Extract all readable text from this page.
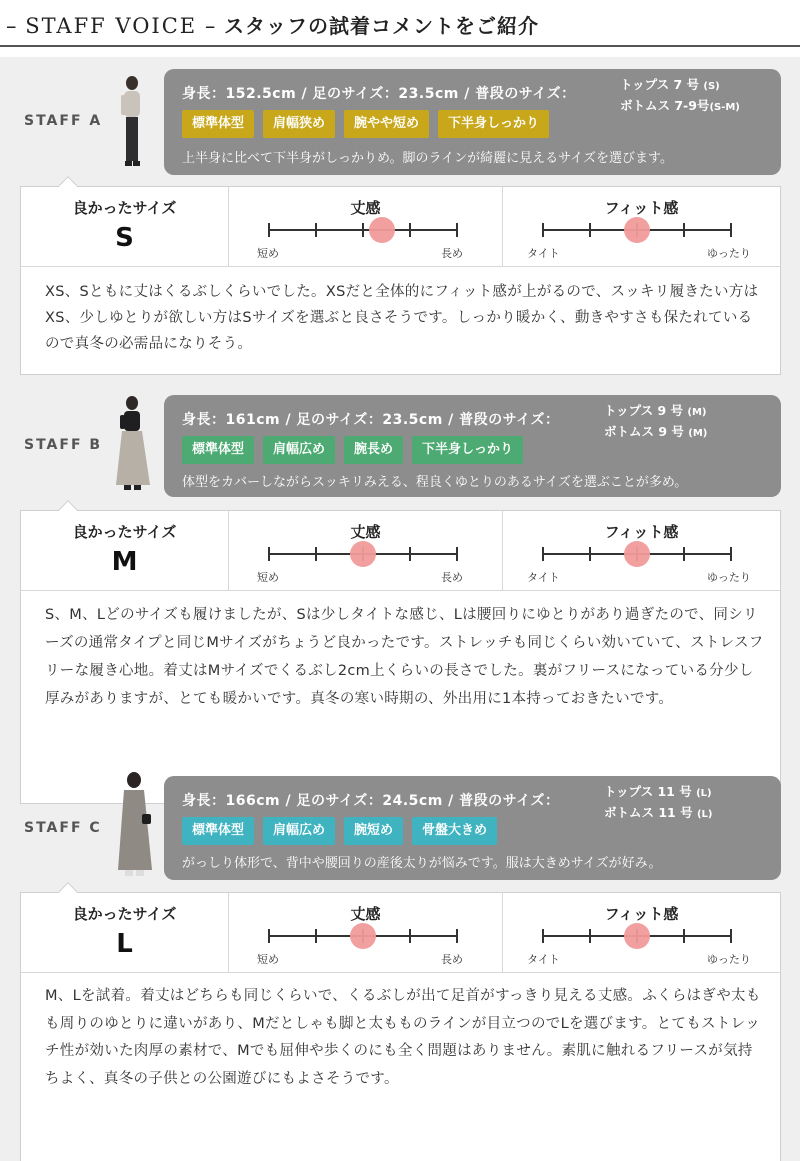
– STAFF VOICE – スタッフの試着コメントをご紹介
STAFF A
身長：152.5cm / 足のサイズ：23.5cm / 普段のサイズ：
トップス 7 号 (S)
ボトムス 7-9号(S-M)
標準体型	肩幅狭め	腕やや短め	下半身しっかり
上半身に比べて下半身がしっかりめ。脚のラインが綺麗に見えるサイズを選びます。
良かったサイズ
S
丈感
短め	長め
フィット感
タイト	ゆったり
XS、Sともに丈はくるぶしくらいでした。XSだと全体的にフィット感が上がるので、スッキリ履きたい方はXS、少しゆとりが欲しい方はSサイズを選ぶと良さそうです。しっかり暖かく、動きやすさも保たれているので真冬の必需品になりそう。
STAFF B
身長：161cm / 足のサイズ：23.5cm / 普段のサイズ：
トップス 9 号 (M)
ボトムス 9 号 (M)
標準体型	肩幅広め	腕長め	下半身しっかり
体型をカバーしながらスッキリみえる、程良くゆとりのあるサイズを選ぶことが多め。
良かったサイズ
M
丈感
短め	長め
フィット感
タイト	ゆったり
S、M、Lどのサイズも履けましたが、Sは少しタイトな感じ、Lは腰回りにゆとりがあり過ぎたので、同シリーズの通常タイプと同じMサイズがちょうど良かったです。ストレッチも同じくらい効いていて、ストレスフリーな履き心地。着丈はMサイズでくるぶし2cm上くらいの長さでした。裏がフリースになっている分少し厚みがありますが、とても暖かいです。真冬の寒い時期の、外出用に1本持っておきたいです。
STAFF C
身長：166cm / 足のサイズ：24.5cm / 普段のサイズ：
トップス 11 号 (L)
ボトムス 11 号 (L)
標準体型	肩幅広め	腕短め	骨盤大きめ
がっしり体形で、背中や腰回りの産後太りが悩みです。服は大きめサイズが好み。
良かったサイズ
L
丈感
短め	長め
フィット感
タイト	ゆったり
M、Lを試着。着丈はどちらも同じくらいで、くるぶしが出て足首がすっきり見える丈感。ふくらはぎや太もも周りのゆとりに違いがあり、Mだとしゃも脚と太もものラインが目立つのでLを選びます。とてもストレッチ性が効いた肉厚の素材で、Mでも屈伸や歩くのにも全く問題はありません。素肌に触れるフリースが気持ちよく、真冬の子供との公園遊びにもよさそうです。
